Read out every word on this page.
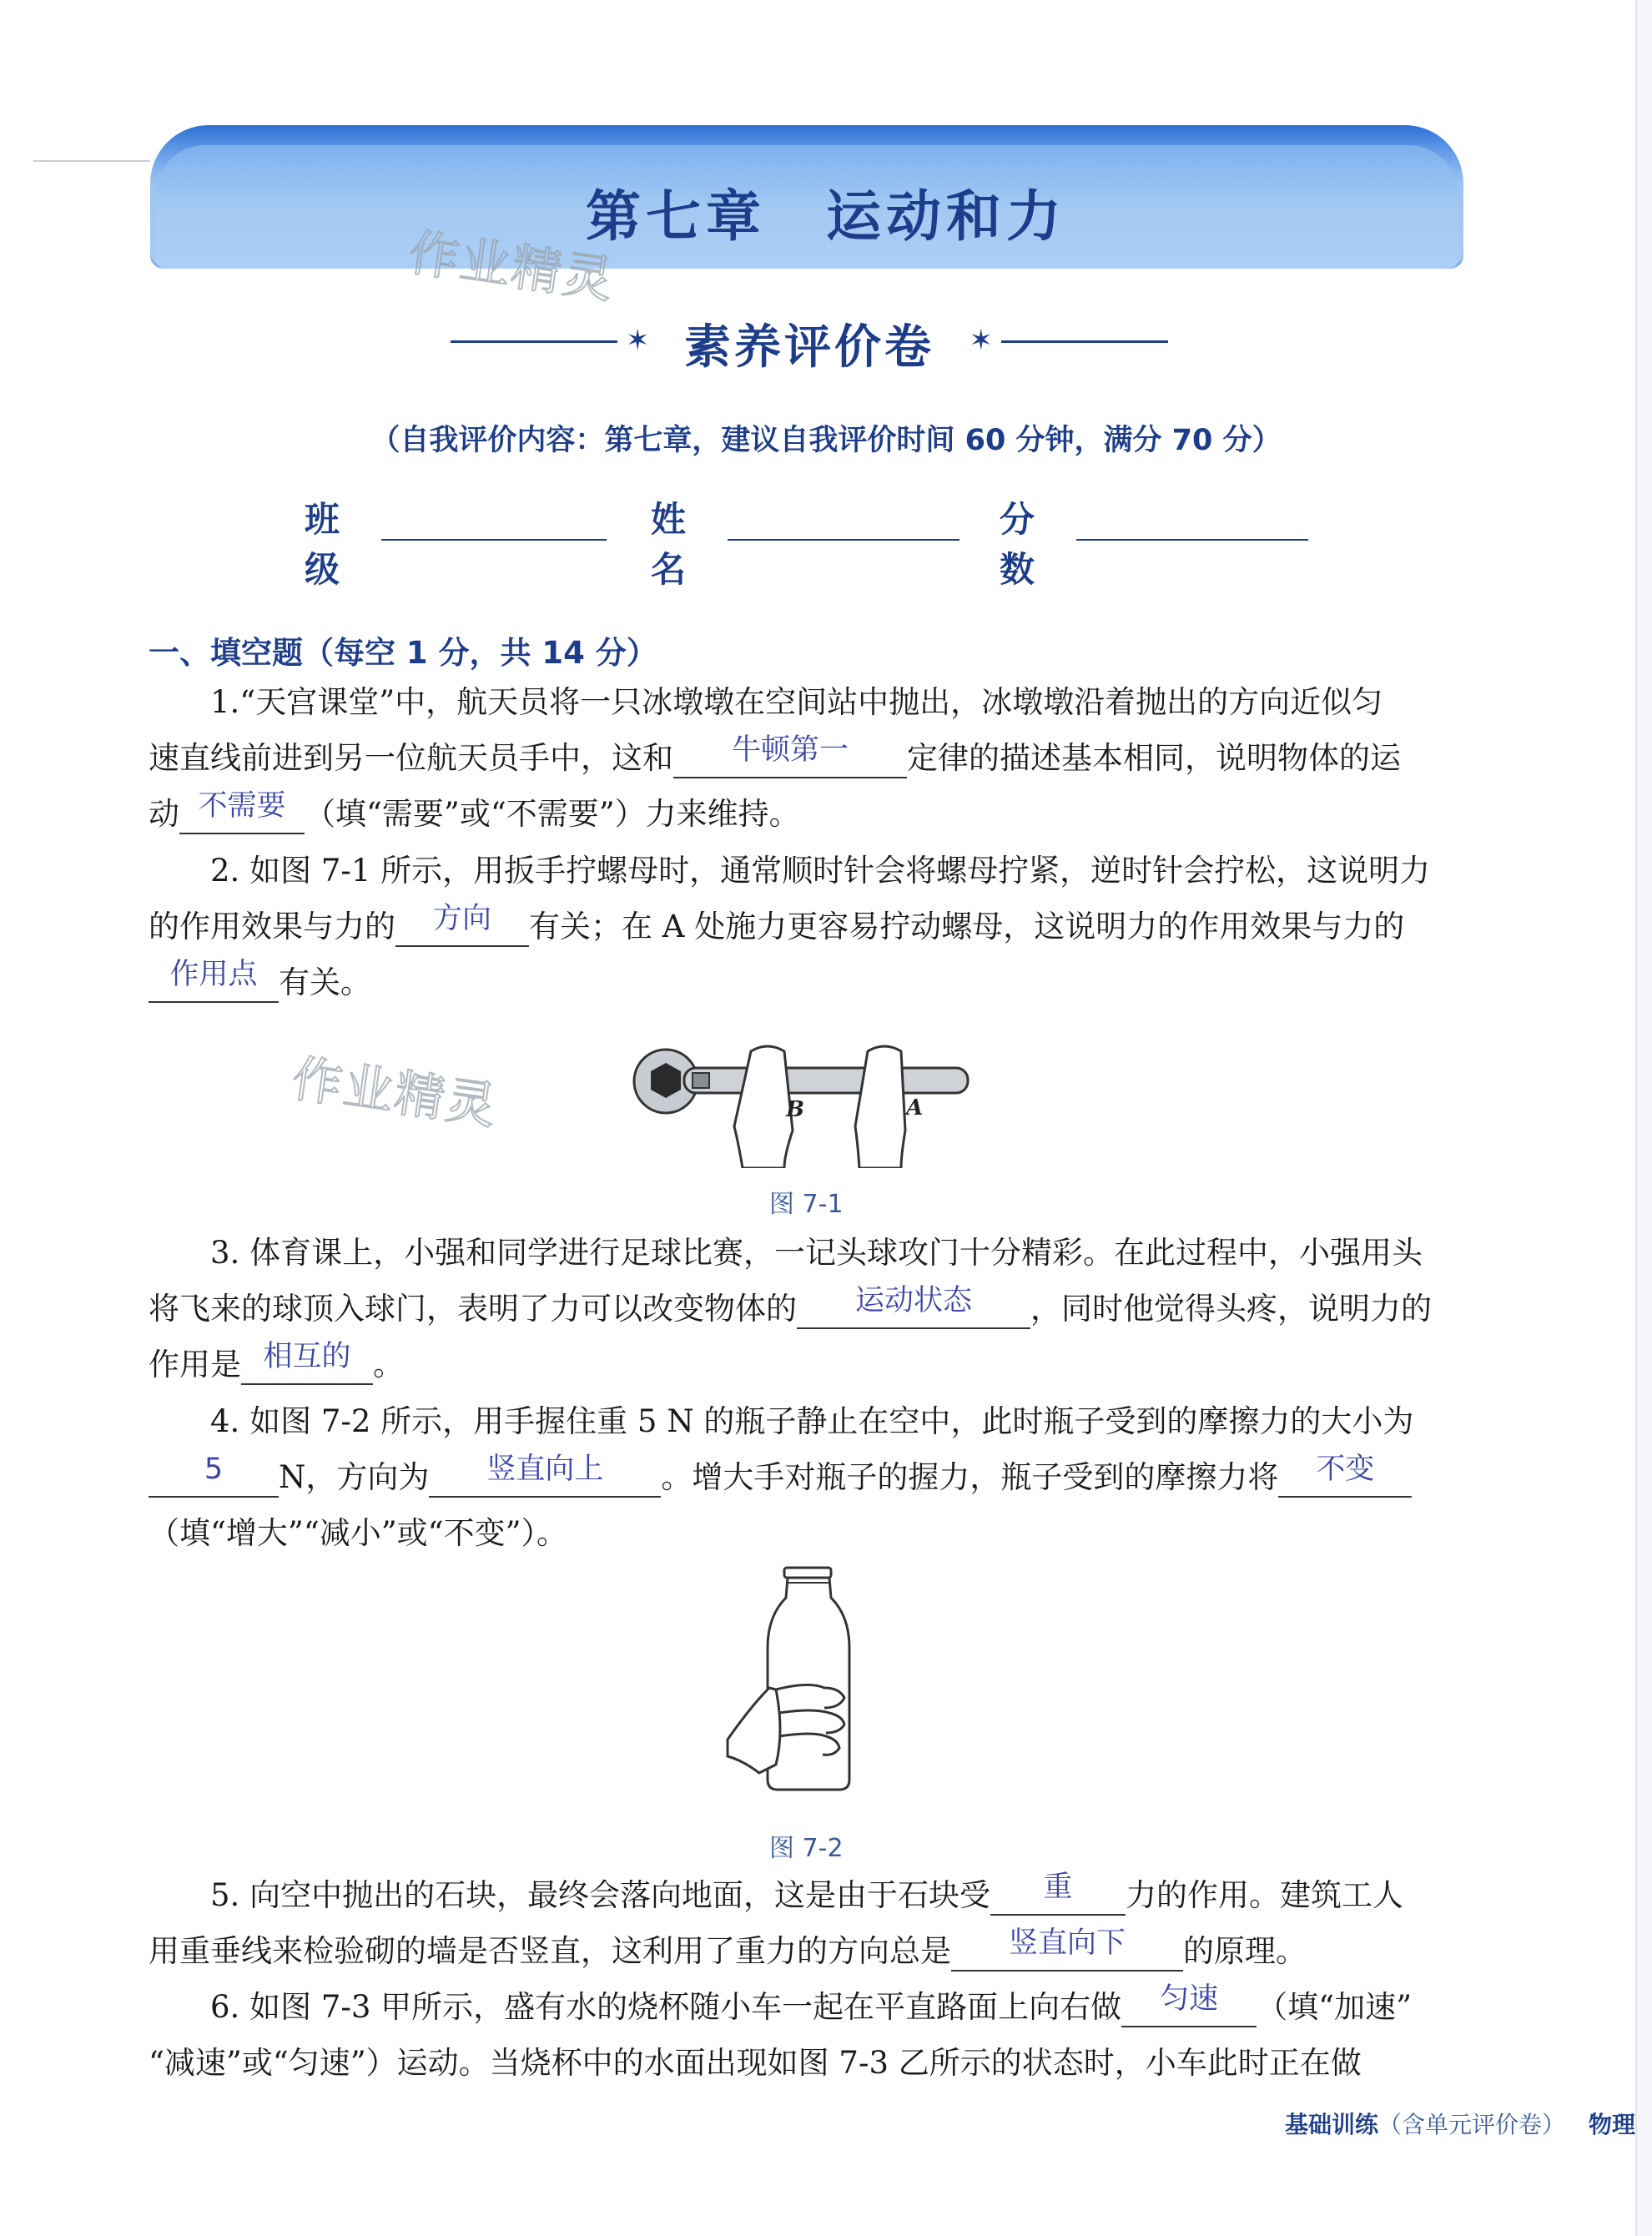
第七章　运动和力
作业精灵
✶ 素养评价卷	✶
（自我评价内容：第七章，建议自我评价时间 60 分钟，满分 70 分）
班级
姓名
分数
一、填空题（每空 1 分，共 14 分）
1.“天宫课堂”中，航天员将一只冰墩墩在空间站中抛出，冰墩墩沿着抛出的方向近似匀
速直线前进到另一位航天员手中，这和	牛顿第一	定律的描述基本相同，说明物体的运
动 不需要 （填“需要”或“不需要”）力来维持。
2. 如图 7-1 所示，用扳手拧螺母时，通常顺时针会将螺母拧紧，逆时针会拧松，这说明力
的作用效果与力的	方向	有关；在 A 处施力更容易拧动螺母，这说明力的作用效果与力的
作用点 有关。
作业精灵	B	A
图 7-1
3. 体育课上，小强和同学进行足球比赛，一记头球攻门十分精彩。在此过程中，小强用头
将飞来的球顶入球门，表明了力可以改变物体的	运动状态	，同时他觉得头疼，说明力的
作用是 相互的 。
4. 如图 7-2 所示，用手握住重 5 N 的瓶子静止在空中，此时瓶子受到的摩擦力的大小为
5	N，方向为	竖直向上	。增大手对瓶子的握力，瓶子受到的摩擦力将	不变
（填“增大”“减小”或“不变”）。
图 7-2
5. 向空中抛出的石块，最终会落向地面，这是由于石块受	重	力的作用。建筑工人
用重垂线来检验砌的墙是否竖直，这利用了重力的方向总是	竖直向下	的原理。
6. 如图 7-3 甲所示，盛有水的烧杯随小车一起在平直路面上向右做	匀速	（填“加速”
“减速”或“匀速”）运动。当烧杯中的水面出现如图 7-3 乙所示的状态时，小车此时正在做
基础训练（含单元评价卷） 物理
